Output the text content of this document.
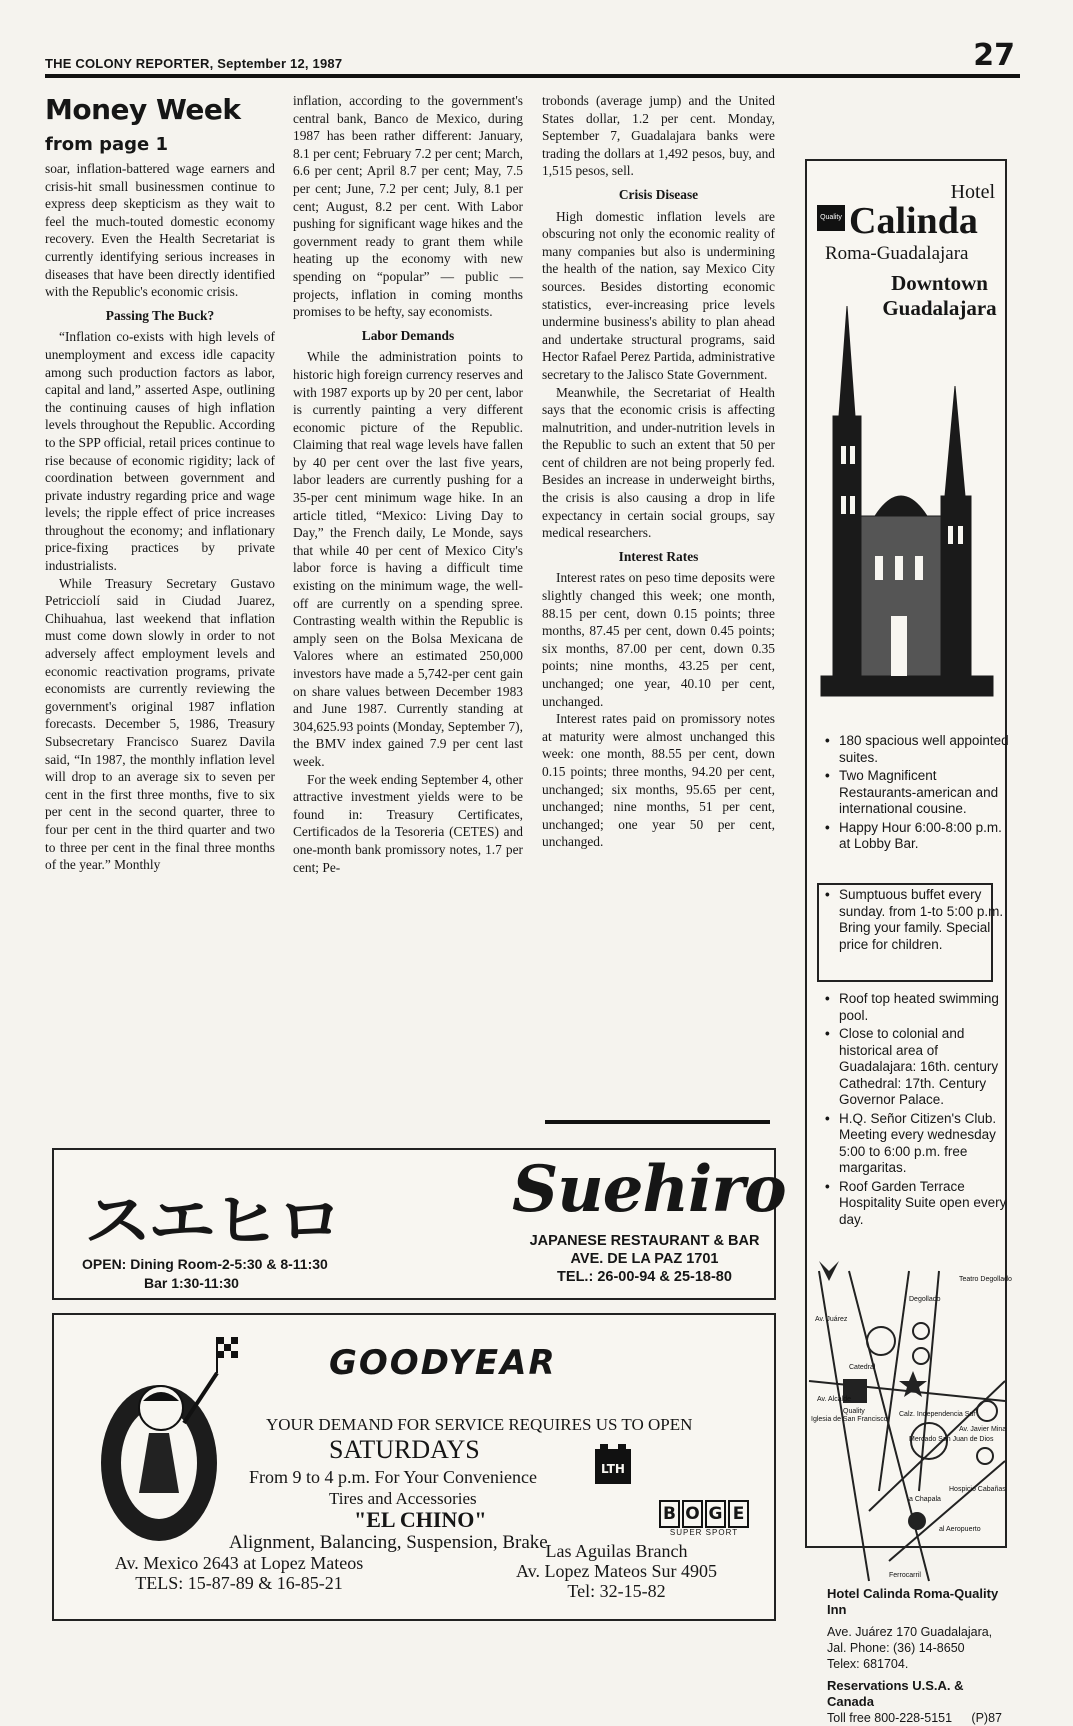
THE COLONY REPORTER, September 12, 1987	27
Money Week
from page 1

soar, inflation-battered wage earners and crisis-hit small businessmen continue to express deep skepticism as they wait to feel the much-touted domestic economy recovery. Even the Health Secretariat is currently identifying serious increases in diseases that have been directly identified with the Republic's economic crisis.

Passing The Buck?

“Inflation co-exists with high levels of unemployment and excess idle capacity among such production factors as labor, capital and land,” asserted Aspe, outlining the continuing causes of high inflation levels throughout the Republic. According to the SPP official, retail prices continue to rise because of economic rigidity; lack of coordination between government and private industry regarding price and wage levels; the ripple effect of price increases throughout the economy; and inflationary price-fixing practices by private industrialists.

While Treasury Secretary Gustavo Petricciolí said in Ciudad Juarez, Chihuahua, last weekend that inflation must come down slowly in order to not adversely affect employment levels and economic reactivation programs, private economists are currently reviewing the government's original 1987 inflation forecasts. December 5, 1986, Treasury Subsecretary Francisco Suarez Davila said, “In 1987, the monthly inflation level will drop to an average six to seven per cent in the first three months, five to six per cent in the second quarter, three to four per cent in the third quarter and two to three per cent in the final three months of the year.” Monthly

inflation, according to the government's central bank, Banco de Mexico, during 1987 has been rather different: January, 8.1 per cent; February 7.2 per cent; March, 6.6 per cent; April 8.7 per cent; May, 7.5 per cent; June, 7.2 per cent; July, 8.1 per cent; August, 8.2 per cent. With Labor pushing for significant wage hikes and the government ready to grant them while heating up the economy with new spending on “popular” — public — projects, inflation in coming months promises to be hefty, say economists.

Labor Demands

While the administration points to historic high foreign currency reserves and with 1987 exports up by 20 per cent, labor is currently painting a very different economic picture of the Republic. Claiming that real wage levels have fallen by 40 per cent over the last five years, labor leaders are currently pushing for a 35-per cent minimum wage hike. In an article titled, “Mexico: Living Day to Day,” the French daily, Le Monde, says that while 40 per cent of Mexico City's labor force is having a difficult time existing on the minimum wage, the well-off are currently on a spending spree. Contrasting wealth within the Republic is amply seen on the Bolsa Mexicana de Valores where an estimated 250,000 investors have made a 5,742-per cent gain on share values between December 1983 and June 1987. Currently standing at 304,625.93 points (Monday, September 7), the BMV index gained 7.9 per cent last week.

For the week ending September 4, other attractive investment yields were to be found in: Treasury Certificates, Certificados de la Tesoreria (CETES) and one-month bank promissory notes, 1.7 per cent; Pe-

trobonds (average jump) and the United States dollar, 1.2 per cent. Monday, September 7, Guadalajara banks were trading the dollars at 1,492 pesos, buy, and 1,515 pesos, sell.

Crisis Disease

High domestic inflation levels are obscuring not only the economic reality of many companies but also is undermining the health of the nation, say Mexico City sources. Besides distorting economic statistics, ever-increasing price levels undermine business's ability to plan ahead and undertake structural programs, said Hector Rafael Perez Partida, administrative secretary to the Jalisco State Government.

Meanwhile, the Secretariat of Health says that the economic crisis is affecting malnutrition, and under-nutrition levels in the Republic to such an extent that 50 per cent of children are not being properly fed. Besides an increase in underweight births, the crisis is also causing a drop in life expectancy in certain social groups, say medical researchers.

Interest Rates

Interest rates on peso time deposits were slightly changed this week; one month, 88.15 per cent, down 0.15 points; three months, 87.45 per cent, down 0.45 points; six months, 87.00 per cent, down 0.35 points; nine months, 43.25 per cent, unchanged; one year, 40.10 per cent, unchanged.

Interest rates paid on promissory notes at maturity were almost unchanged this week: one month, 88.55 per cent, down 0.15 points; three months, 94.20 per cent, unchanged; six months, 95.65 per cent, unchanged; nine months, 51 per cent, unchanged; one year 50 per cent, unchanged.

Hotel
Quality Calinda
Roma-Guadalajara
Downtown Guadalajara
• 180 spacious well appointed suites.
• Two Magnificent Restaurants-american and international cousine.
• Happy Hour 6:00-8:00 p.m. at Lobby Bar.
• Sumptuous buffet every sunday. from 1-to 5:00 p.m. Bring your family. Special price for children.
• Roof top heated swimming pool.
• Close to colonial and historical area of Guadalajara: 16th. century Cathedral: 17th. Century Governor Palace.
• H.Q. Señor Citizen's Club. Meeting every wednesday 5:00 to 6:00 p.m. free margaritas.
• Roof Garden Terrace Hospitality Suite open every day.
Teatro Degollado
Catedral
Av. Alcalde
Iglesia de San Francisco
Mercado San Juan de Dios
Hospicio Cabañas
al Aeropuerto
Ferrocarril
Calz. Independencia Sur
Av. Juárez
Av. Javier Mina
a Chapala
Degollado
Quality
Hotel Calinda Roma-Quality Inn
Ave. Juárez 170 Guadalajara,
Jal. Phone: (36) 14-8650
Telex: 681704.
Reservations U.S.A. & Canada
Toll free 800-228-5151 (P)87
スエヒロ
OPEN: Dining Room-2-5:30 & 8-11:30
Bar 1:30-11:30
Suehiro
JAPANESE RESTAURANT & BAR
AVE. DE LA PAZ 1701
TEL.: 26-00-94 & 25-18-80
GOODYEAR
YOUR DEMAND FOR SERVICE REQUIRES US TO OPEN
SATURDAYS
LTH
From 9 to 4 p.m. For Your Convenience
Tires and Accessories
"EL CHINO"
Alignment, Balancing, Suspension, Brake
B O G E
SUPER SPORT
Av. Mexico 2643 at Lopez Mateos
TELS: 15-87-89 & 16-85-21
Las Aguilas Branch
Av. Lopez Mateos Sur 4905
Tel: 32-15-82
